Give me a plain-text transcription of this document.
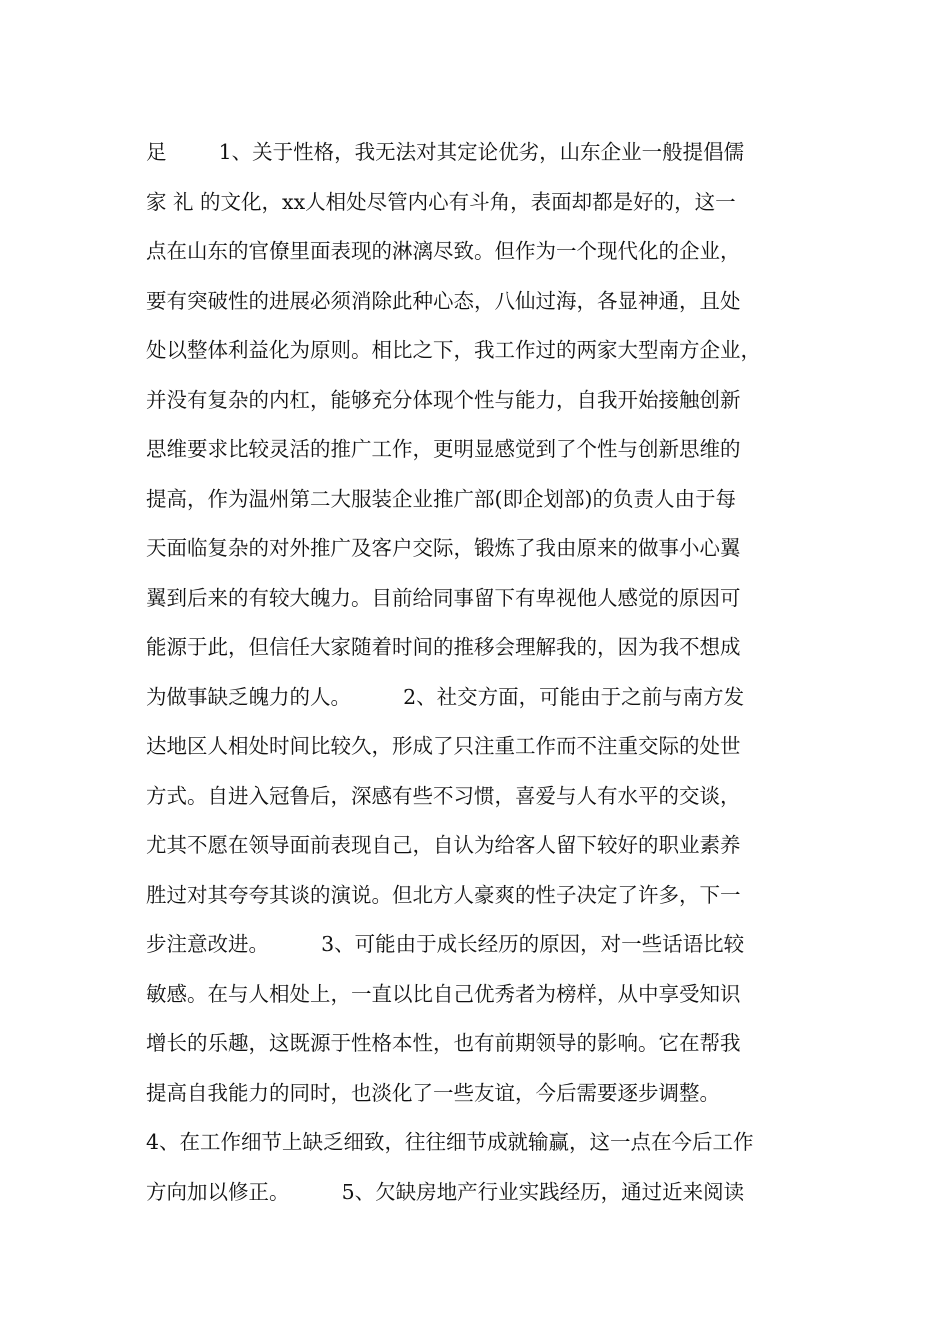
足        1、关于性格，我无法对其定论优劣，山东企业一般提倡儒
家 礼 的文化，xx人相处尽管内心有斗角，表面却都是好的，这一
点在山东的官僚里面表现的淋漓尽致。但作为一个现代化的企业，
要有突破性的进展必须消除此种心态，八仙过海，各显神通，且处
处以整体利益化为原则。相比之下，我工作过的两家大型南方企业，
并没有复杂的内杠，能够充分体现个性与能力，自我开始接触创新
思维要求比较灵活的推广工作，更明显感觉到了个性与创新思维的
提高，作为温州第二大服装企业推广部(即企划部)的负责人由于每
天面临复杂的对外推广及客户交际，锻炼了我由原来的做事小心翼
翼到后来的有较大魄力。目前给同事留下有卑视他人感觉的原因可
能源于此，但信任大家随着时间的推移会理解我的，因为我不想成
为做事缺乏魄力的人。        2、社交方面，可能由于之前与南方发
达地区人相处时间比较久，形成了只注重工作而不注重交际的处世
方式。自进入冠鲁后，深感有些不习惯，喜爱与人有水平的交谈，
尤其不愿在领导面前表现自己，自认为给客人留下较好的职业素养
胜过对其夸夸其谈的演说。但北方人豪爽的性子决定了许多，下一
步注意改进。        3、可能由于成长经历的原因，对一些话语比较
敏感。在与人相处上，一直以比自己优秀者为榜样，从中享受知识
增长的乐趣，这既源于性格本性，也有前期领导的影响。它在帮我
提高自我能力的同时，也淡化了一些友谊，今后需要逐步调整。
4、在工作细节上缺乏细致，往往细节成就输赢，这一点在今后工作
方向加以修正。        5、欠缺房地产行业实践经历，通过近来阅读
